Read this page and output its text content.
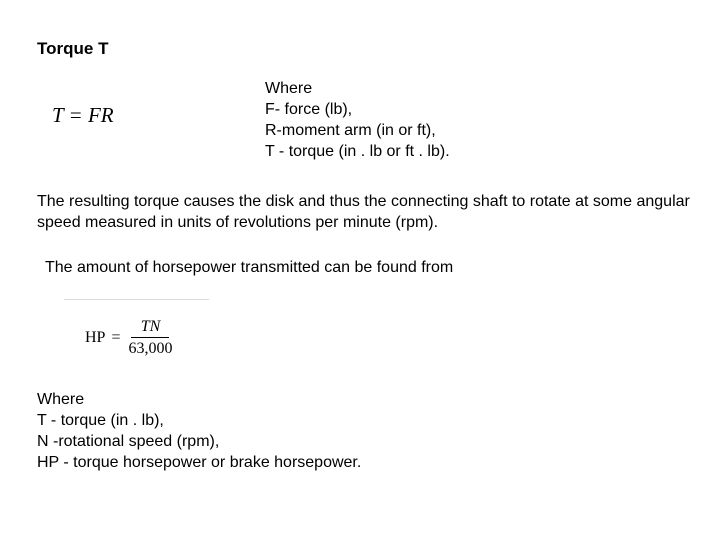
Torque T
T = FR
Where
F- force (lb),
R-moment arm (in or ft),
T - torque (in . lb or ft . lb).
The resulting torque causes the disk and thus the connecting shaft to rotate at some angular speed measured in units of revolutions per minute (rpm).
The amount of horsepower transmitted can be found from
HP = $\frac{TN}{63,000}$
Where
T - torque (in . lb),
N -rotational speed (rpm),
HP - torque horsepower or brake horsepower.
